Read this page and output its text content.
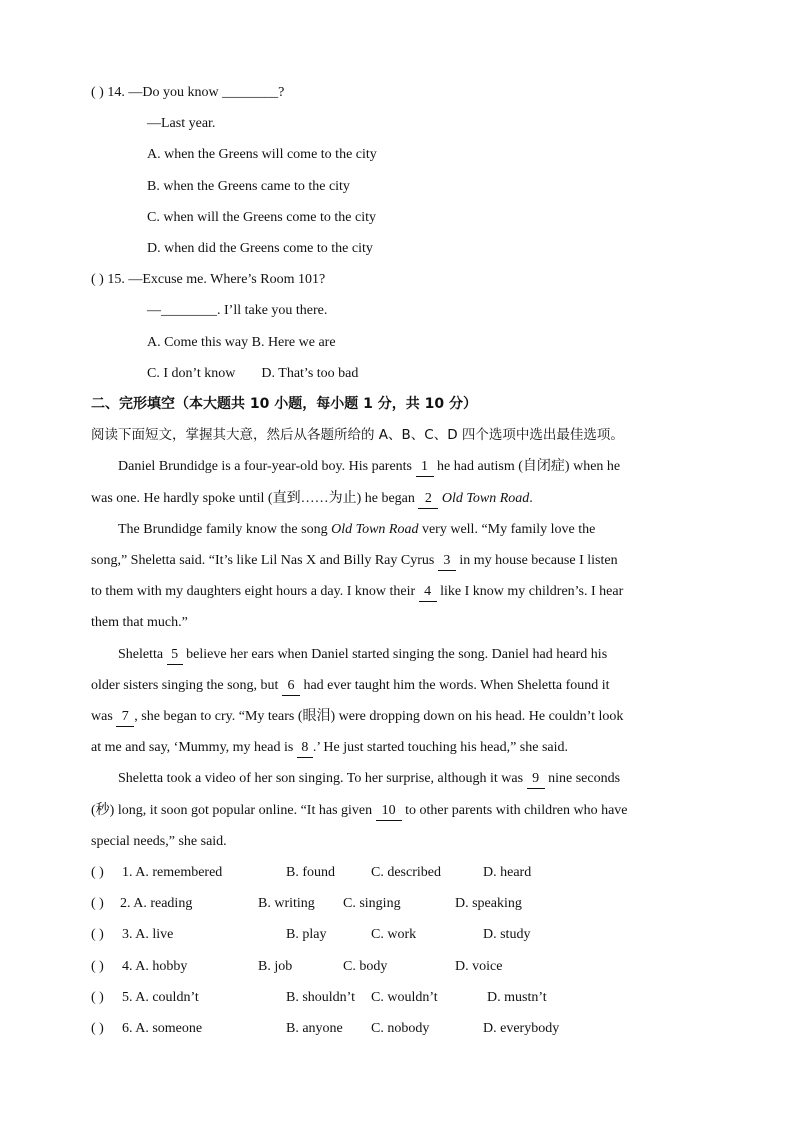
( ) 14. —Do you know ________?
—Last year.
A. when the Greens will come to the city
B. when the Greens came to the city
C. when will the Greens come to the city
D. when did the Greens come to the city
( ) 15. —Excuse me. Where’s Room 101?
—________. I’ll take you there.
A. Come this way B. Here we are
C. I don’t know D. That’s too bad
二、完形填空（本大题共 10 小题，每小题 1 分，共 10 分）
阅读下面短文，掌握其大意，然后从各题所给的 A、B、C、D 四个选项中选出最佳选项。
Daniel Brundidge is a four-year-old boy. His parents 1 he had autism (自闭症) when he
was one. He hardly spoke until (直到……为止) he began 2 Old Town Road.
The Brundidge family know the song Old Town Road very well. “My family love the
song,” Sheletta said. “It’s like Lil Nas X and Billy Ray Cyrus 3 in my house because I listen
to them with my daughters eight hours a day. I know their 4 like I know my children’s. I hear
them that much.”
Sheletta 5 believe her ears when Daniel started singing the song. Daniel had heard his
older sisters singing the song, but 6 had ever taught him the words. When Sheletta found it
was 7 , she began to cry. “My tears (眼泪) were dropping down on his head. He couldn’t look
at me and say, ‘Mummy, my head is 8 .’ He just started touching his head,” she said.
Sheletta took a video of her son singing. To her surprise, although it was 9 nine seconds
(秒) long, it soon got popular online. “It has given 10 to other parents with children who have
special needs,” she said.
( ) 1. A. remembered	B. found	C. described	D. heard
( ) 2. A. reading	B. writing C. singing	D. speaking
( ) 3. A. live	B. play	C. work	D. study
( ) 4. A. hobby	B. job	C. body	D. voice
( ) 5. A. couldn’t	B. shouldn’t C. wouldn’t	D. mustn’t
( ) 6. A. someone	B. anyone C. nobody	D. everybody
